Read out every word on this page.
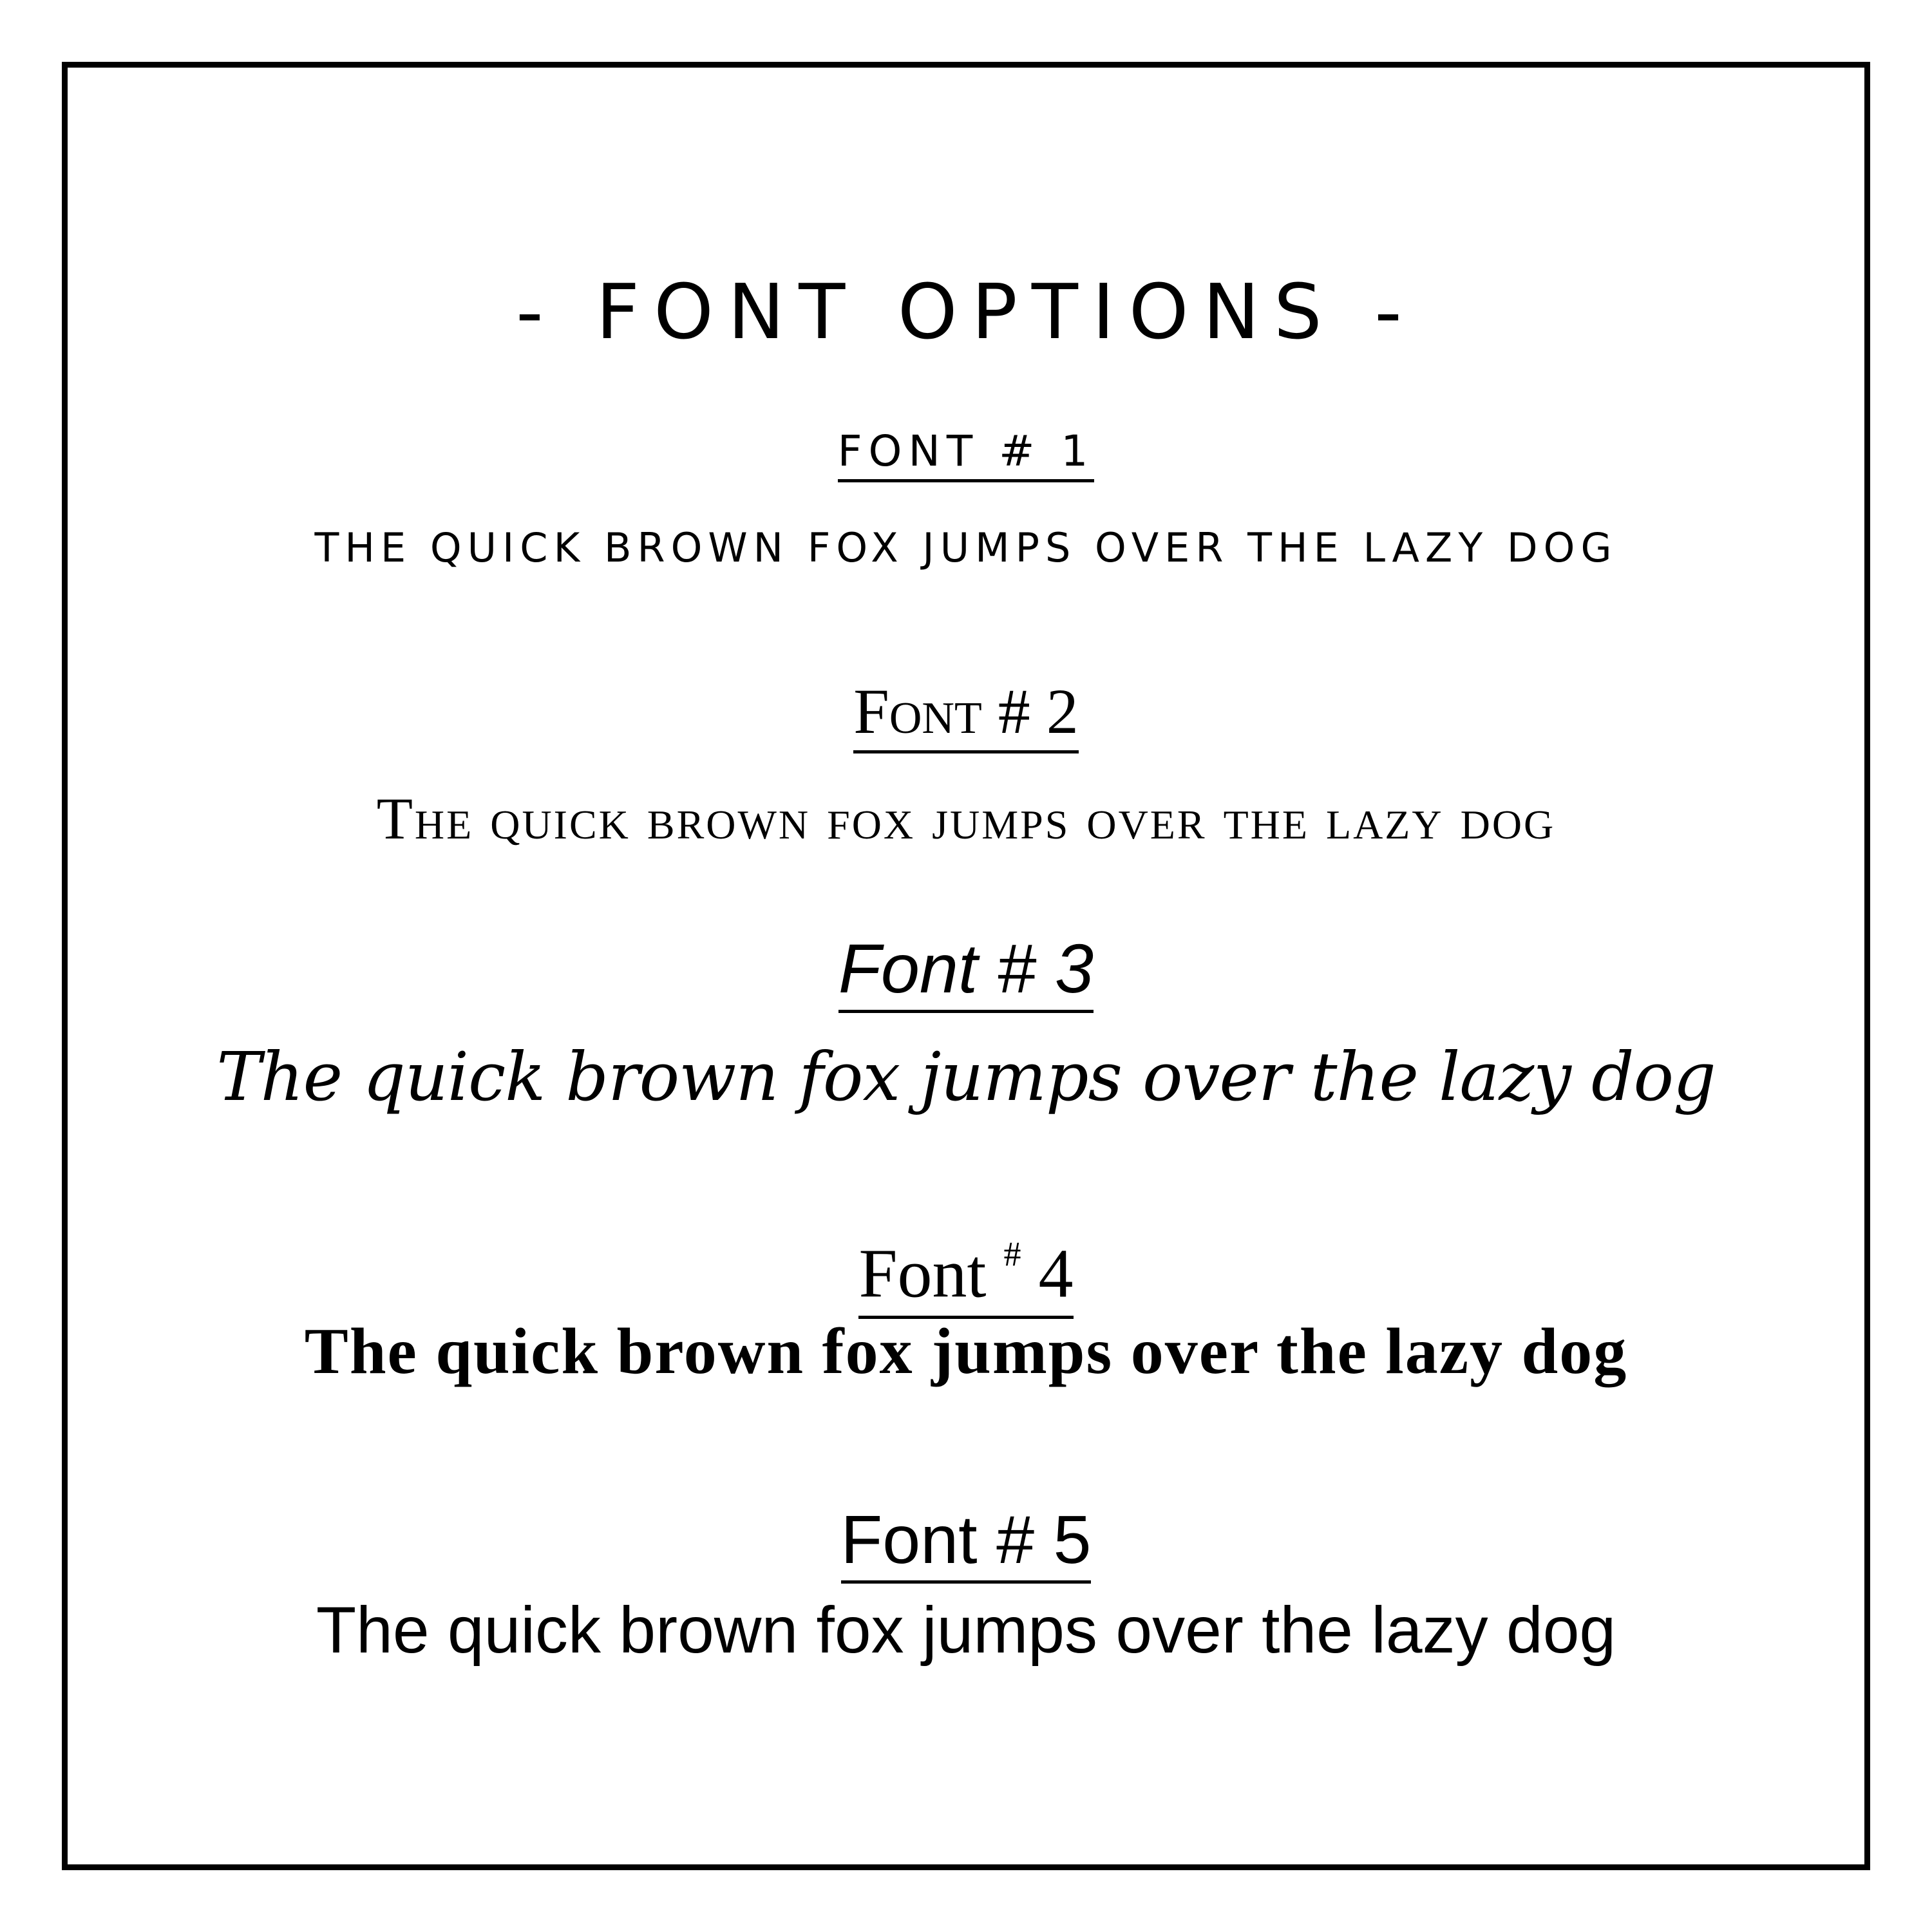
- FONT OPTIONS -
FONT # 1
THE QUICK BROWN FOX JUMPS OVER THE LAZY DOG
Font # 2
The quick brown fox jumps over the lazy dog
Font # 3
The quick brown fox jumps over the lazy dog
Font # 4
The quick brown fox jumps over the lazy dog
Font # 5
The quick brown fox jumps over the lazy dog
